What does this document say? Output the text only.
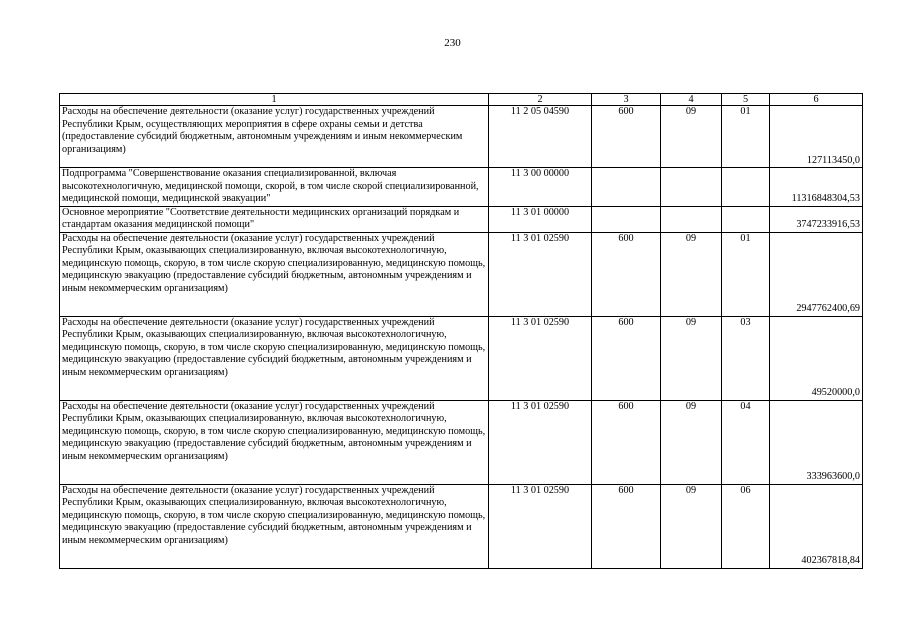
230
1	2	3	4	5	6
Расходы на обеспечение деятельности (оказание услуг) государственных учреждений Республики Крым, осуществляющих мероприятия в сфере охраны семьи и детства (предоставление субсидий бюджетным, автономным учреждениям и иным некоммерческим организациям)	11 2 05 04590	600	09	01	127113450,0
Подпрограмма "Совершенствование оказания специализированной, включая высокотехнологичную, медицинской помощи, скорой, в том числе скорой специализированной, медицинской помощи, медицинской эвакуации"	11 3 00 00000				11316848304,53
Основное мероприятие "Соответствие деятельности медицинских организаций порядкам и стандартам оказания медицинской помощи"	11 3 01 00000				3747233916,53
Расходы на обеспечение деятельности (оказание услуг) государственных учреждений Республики Крым, оказывающих специализированную, включая высокотехнологичную, медицинскую помощь, скорую, в том числе скорую специализированную, медицинскую помощь, медицинскую эвакуацию (предоставление субсидий бюджетным, автономным учреждениям и иным некоммерческим организациям)	11 3 01 02590	600	09	01	2947762400,69
Расходы на обеспечение деятельности (оказание услуг) государственных учреждений Республики Крым, оказывающих специализированную, включая высокотехнологичную, медицинскую помощь, скорую, в том числе скорую специализированную, медицинскую помощь, медицинскую эвакуацию (предоставление субсидий бюджетным, автономным учреждениям и иным некоммерческим организациям)	11 3 01 02590	600	09	03	49520000,0
Расходы на обеспечение деятельности (оказание услуг) государственных учреждений Республики Крым, оказывающих специализированную, включая высокотехнологичную, медицинскую помощь, скорую, в том числе скорую специализированную, медицинскую помощь, медицинскую эвакуацию (предоставление субсидий бюджетным, автономным учреждениям и иным некоммерческим организациям)	11 3 01 02590	600	09	04	333963600,0
Расходы на обеспечение деятельности (оказание услуг) государственных учреждений Республики Крым, оказывающих специализированную, включая высокотехнологичную, медицинскую помощь, скорую, в том числе скорую специализированную, медицинскую помощь, медицинскую эвакуацию (предоставление субсидий бюджетным, автономным учреждениям и иным некоммерческим организациям)	11 3 01 02590	600	09	06	402367818,84
